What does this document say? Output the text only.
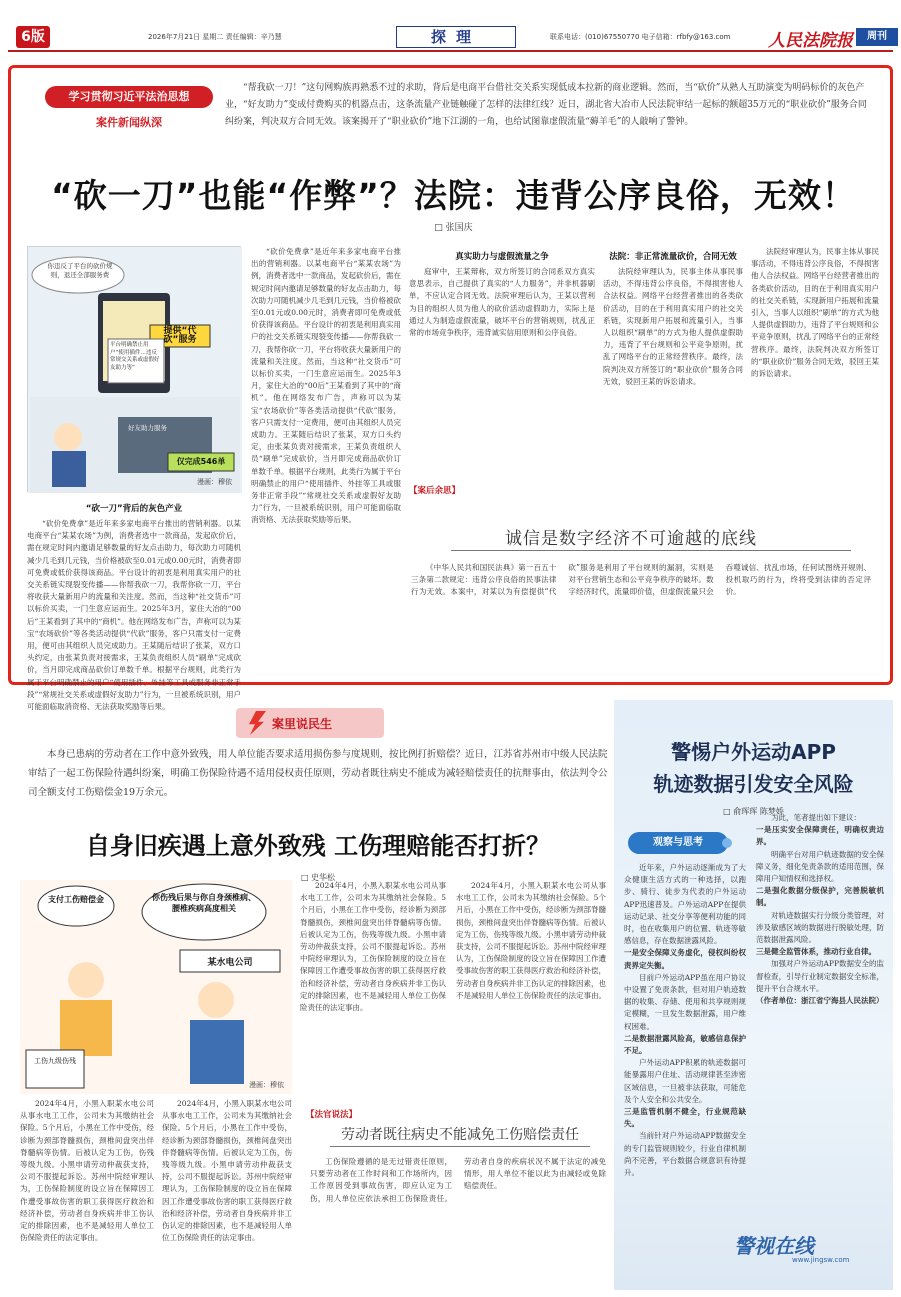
6版	2026年7月21日 星期二 责任编辑：辛乃慧	探理	联系电话：(010)67550770 电子信箱：rfbfy@163.com 人民法院报	周刊
学习贯彻习近平法治思想
案件新闻纵深

“帮我砍一刀！”这句网购族再熟悉不过的求助，背后是电商平台借社交关系实现低成本拉新的商业逻辑。然而，当“砍价”从熟人互助演变为明码标价的灰色产业，“好友助力”变成付费购买的机器点击，这条流量产业链触碰了怎样的法律红线？近日，湖北省大冶市人民法院审结一起标的额超35万元的“职业砍价”服务合同纠纷案，判决双方合同无效。该案揭开了“职业砍价”地下江湖的一角，也给试图靠虚假流量“薅羊毛”的人敲响了警钟。

“砍一刀”也能“作弊”？法院：违背公序良俗，无效！
□ 张国庆
你违反了平台的砍价规则，退还全部服务费
提供“代砍”服务
平台明确禁止用户“使用插件…违反常规交关系或虚假好友助力等”
好友助力服务
仅完成546单
漫画：穆依
“砍一刀”背后的灰色产业

“砍价免费拿”是近年来多家电商平台推出的营销利器。以某电商平台“某某农场”为例，消费者选中一款商品，发起砍价后，需在规定时间内邀请足够数量的好友点击助力，每次助力可随机减少几毛到几元钱，当价格被砍至0.01元或0.00元时，消费者即可免费或低价获得该商品。平台设计的初衷是利用真实用户的社交关系链实现裂变传播——你帮我砍一刀，我帮你砍一刀，平台将收获大量新用户的流量和关注度。然而，当这种“社交货币”可以标价买卖，一门生意应运而生。2025年3月，家住大冶的“00后”王某看到了其中的“商机”。他在网络发布广告，声称可以为某宝“农场砍价”等各类活动提供“代砍”服务，客户只需支付一定费用，便可由其组织人员完成助力。王某随后结识了张某，双方口头约定，由张某负责对接需求，王某负责组织人员“刷单”完成砍价，当月即完成商品砍价订单数千单。根据平台规则，此类行为属于平台明确禁止的用户“使用插件、外挂等工具或服务非正常手段”“常规社交关系或虚假好友助力”行为，一旦被系统识别，用户可能面临取消资格、无法获取奖励等后果。

“砍价免费拿”是近年来多家电商平台推出的营销利器。以某电商平台“某某农场”为例，消费者选中一款商品，发起砍价后，需在规定时间内邀请足够数量的好友点击助力，每次助力可随机减少几毛到几元钱，当价格被砍至0.01元或0.00元时，消费者即可免费或低价获得该商品。平台设计的初衷是利用真实用户的社交关系链实现裂变传播——你帮我砍一刀，我帮你砍一刀，平台将收获大量新用户的流量和关注度。然而，当这种“社交货币”可以标价买卖，一门生意应运而生。2025年3月，家住大冶的“00后”王某看到了其中的“商机”。他在网络发布广告，声称可以为某宝“农场砍价”等各类活动提供“代砍”服务，客户只需支付一定费用，便可由其组织人员完成助力。王某随后结识了张某，双方口头约定，由张某负责对接需求，王某负责组织人员“刷单”完成砍价，当月即完成商品砍价订单数千单。根据平台规则，此类行为属于平台明确禁止的用户“使用插件、外挂等工具或服务非正常手段”“常规社交关系或虚假好友助力”行为，一旦被系统识别，用户可能面临取消资格、无法获取奖励等后果。

真实助力与虚假流量之争

庭审中，王某辩称，双方所签订的合同系双方真实意思表示，自己提供了真实的“人力服务”，并非机器刷单，不应认定合同无效。法院审理后认为，王某以营利为目的组织人员为他人的砍价活动虚假助力，实际上是通过人为制造虚假流量，破坏平台的营销规则，扰乱正常的市场竞争秩序，违背诚实信用原则和公序良俗。

法院：非正常流量砍价，合同无效

法院经审理认为，民事主体从事民事活动，不得违背公序良俗，不得损害他人合法权益。网络平台经营者推出的各类砍价活动，目的在于利用真实用户的社交关系链，实现新用户拓展和流量引入，当事人以组织“刷单”的方式为他人提供虚假助力，违背了平台规则和公平竞争原则，扰乱了网络平台的正常经营秩序。最终，法院判决双方所签订的“职业砍价”服务合同无效，驳回王某的诉讼请求。

法院经审理认为，民事主体从事民事活动，不得违背公序良俗，不得损害他人合法权益。网络平台经营者推出的各类砍价活动，目的在于利用真实用户的社交关系链，实现新用户拓展和流量引入，当事人以组织“刷单”的方式为他人提供虚假助力，违背了平台规则和公平竞争原则，扰乱了网络平台的正常经营秩序。最终，法院判决双方所签订的“职业砍价”服务合同无效，驳回王某的诉讼请求。

【案后余思】
诚信是数字经济不可逾越的底线

《中华人民共和国民法典》第一百五十三条第二款规定：违背公序良俗的民事法律行为无效。本案中，对某以为有偿提供“代砍”服务是利用了平台规则的漏洞，实则是对平台营销生态和公平竞争秩序的破坏。数字经济时代，流量即价值，但虚假流量只会吞噬诚信、扰乱市场，任何试图绕开规则、投机取巧的行为，终将受到法律的否定评价。

案里说民生

本身已患病的劳动者在工作中意外致残，用人单位能否要求适用损伤参与度规则，按比例打折赔偿？近日，江苏省苏州市中级人民法院审结了一起工伤保险待遇纠纷案，明确工伤保险待遇不适用侵权责任原则，劳动者既往病史不能成为减轻赔偿责任的抗辩事由，依法判令公司全额支付工伤赔偿金19万余元。

自身旧疾遇上意外致残 工伤理赔能否打折？
□ 史华松
支付工伤赔偿金	你伤残后果与你自身颈椎病、腰椎疾病高度相关
某水电公司
工伤九级伤残
漫画：穆依

2024年4月，小黑入职某水电公司从事水电工工作，公司未为其缴纳社会保险。5个月后，小黑在工作中受伤，经诊断为颈部脊髓损伤，颈椎间盘突出伴脊髓病等伤情。后被认定为工伤，伤残等级九级。小黑申请劳动仲裁获支持，公司不服提起诉讼。苏州中院经审理认为，工伤保险制度的设立旨在保障因工作遭受事故伤害的职工获得医疗救治和经济补偿，劳动者自身疾病并非工伤认定的排除因素，也不是减轻用人单位工伤保险责任的法定事由。

2024年4月，小黑入职某水电公司从事水电工工作，公司未为其缴纳社会保险。5个月后，小黑在工作中受伤，经诊断为颈部脊髓损伤，颈椎间盘突出伴脊髓病等伤情。后被认定为工伤，伤残等级九级。小黑申请劳动仲裁获支持，公司不服提起诉讼。苏州中院经审理认为，工伤保险制度的设立旨在保障因工作遭受事故伤害的职工获得医疗救治和经济补偿，劳动者自身疾病并非工伤认定的排除因素，也不是减轻用人单位工伤保险责任的法定事由。

2024年4月，小黑入职某水电公司从事水电工工作，公司未为其缴纳社会保险。5个月后，小黑在工作中受伤，经诊断为颈部脊髓损伤，颈椎间盘突出伴脊髓病等伤情。后被认定为工伤，伤残等级九级。小黑申请劳动仲裁获支持，公司不服提起诉讼。苏州中院经审理认为，工伤保险制度的设立旨在保障因工作遭受事故伤害的职工获得医疗救治和经济补偿，劳动者自身疾病并非工伤认定的排除因素，也不是减轻用人单位工伤保险责任的法定事由。

2024年4月，小黑入职某水电公司从事水电工工作，公司未为其缴纳社会保险。5个月后，小黑在工作中受伤，经诊断为颈部脊髓损伤，颈椎间盘突出伴脊髓病等伤情。后被认定为工伤，伤残等级九级。小黑申请劳动仲裁获支持，公司不服提起诉讼。苏州中院经审理认为，工伤保险制度的设立旨在保障因工作遭受事故伤害的职工获得医疗救治和经济补偿，劳动者自身疾病并非工伤认定的排除因素，也不是减轻用人单位工伤保险责任的法定事由。

【法官说法】
劳动者既往病史不能减免工伤赔偿责任

工伤保险遵循的是无过错责任原则，只要劳动者在工作时间和工作场所内，因工作原因受到事故伤害，即应认定为工伤，用人单位应依法承担工伤保险责任。劳动者自身的疾病状况不属于法定的减免情形，用人单位不能以此为由减轻或免除赔偿责任。

警惕户外运动APP
轨迹数据引发安全风险
□ 俞珲珲 陈梦娇
观察与思考

近年来，户外运动逐渐成为了大众健康生活方式的一种选择，以跑步、骑行、徒步为代表的户外运动APP迅速普及。户外运动APP在提供运动记录、社交分享等便利功能的同时，也在收集用户的位置、轨迹等敏感信息，存在数据泄露风险。

一是安全保障义务虚化，侵权纠纷权责界定失衡。

目前户外运动APP虽在用户协议中设置了免责条款，但对用户轨迹数据的收集、存储、使用和共享规则规定模糊，一旦发生数据泄露，用户维权困难。

二是数据泄露风险高，敏感信息保护不足。

户外运动APP积累的轨迹数据可能暴露用户住址、活动规律甚至涉密区域信息，一旦被非法获取，可能危及个人安全和公共安全。

三是监管机制不健全，行业规范缺失。

当前针对户外运动APP数据安全的专门监管规则较少，行业自律机制尚不完善，平台数据合规意识有待提升。

为此，笔者提出如下建议：

一是压实安全保障责任，明确权责边界。

明确平台对用户轨迹数据的安全保障义务，细化免责条款的适用范围，保障用户知情权和选择权。

二是强化数据分级保护，完善脱敏机制。

对轨迹数据实行分级分类管理，对涉及敏感区域的数据进行脱敏处理，防范数据泄露风险。

三是健全监管体系，推动行业自律。

加强对户外运动APP数据安全的监督检查，引导行业制定数据安全标准，提升平台合规水平。

（作者单位：浙江省宁海县人民法院）

警视在线
www.jingsw.com
